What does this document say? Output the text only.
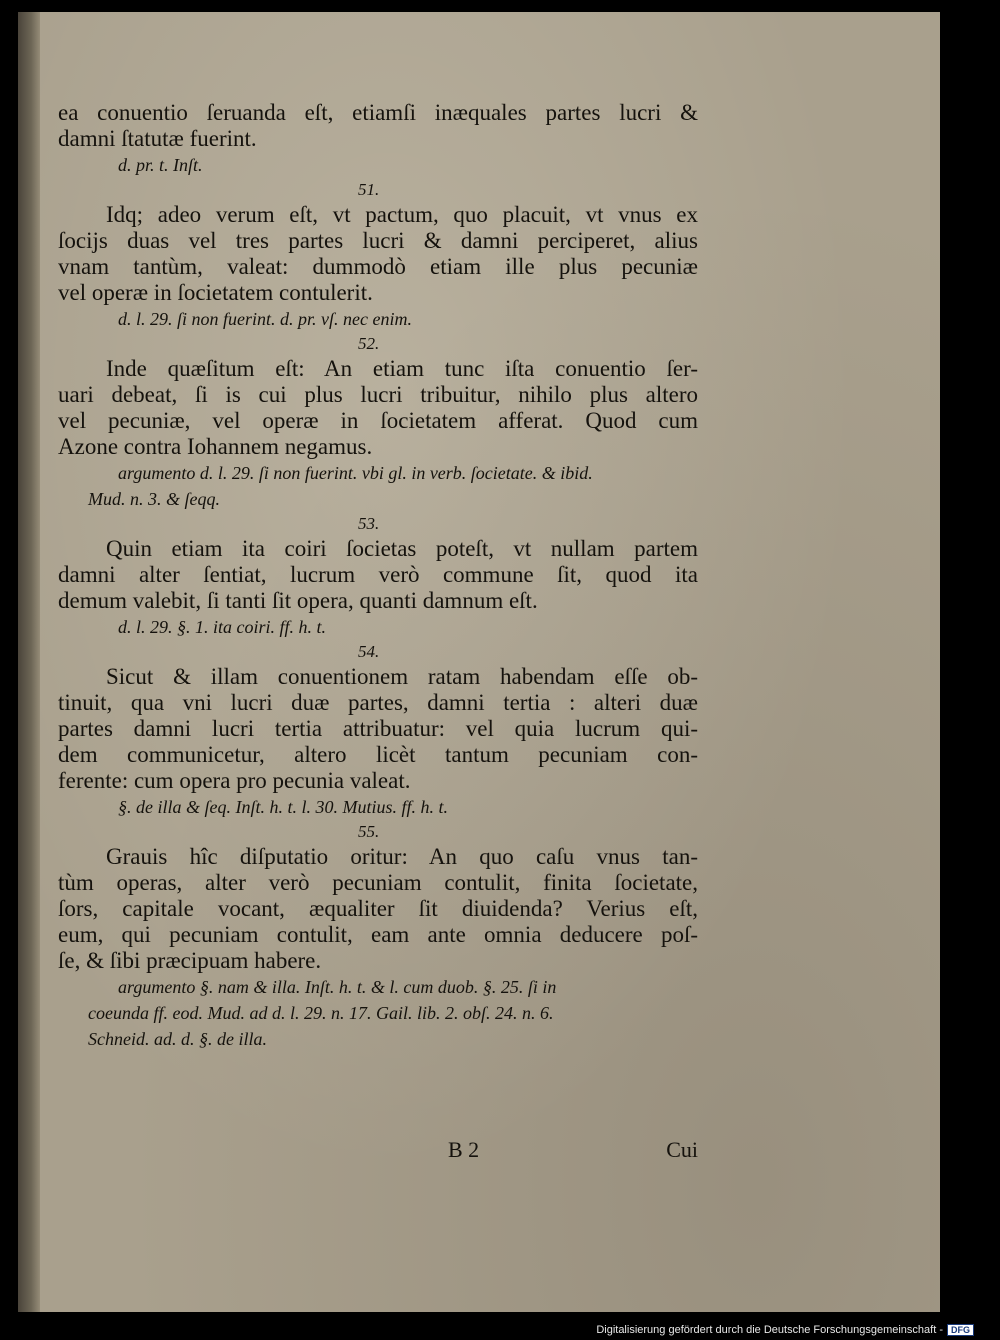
ea conuentio ſeruanda eſt, etiamſi inæquales partes lucri &

damni ſtatutæ fuerint.

d. pr. t. Inſt.

51.

Idq; adeo verum eſt, vt pactum, quo placuit, vt vnus ex

ſocijs duas vel tres partes lucri & damni perciperet, alius

vnam tantùm, valeat: dummodò etiam ille plus pecuniæ

vel operæ in ſocietatem contulerit.

d. l. 29. ſi non fuerint. d. pr. vſ. nec enim.

52.

Inde quæſitum eſt: An etiam tunc iſta conuentio ſer-

uari debeat, ſi is cui plus lucri tribuitur, nihilo plus altero

vel pecuniæ, vel operæ in ſocietatem afferat. Quod cum

Azone contra Iohannem negamus.

argumento d. l. 29. ſi non fuerint. vbi gl. in verb. ſocietate. & ibid.

Mud. n. 3. & ſeqq.

53.

Quin etiam ita coiri ſocietas poteſt, vt nullam partem

damni alter ſentiat, lucrum verò commune ſit, quod ita

demum valebit, ſi tanti ſit opera, quanti damnum eſt.

d. l. 29. §. 1. ita coiri. ff. h. t.

54.

Sicut & illam conuentionem ratam habendam eſſe ob-

tinuit, qua vni lucri duæ partes, damni tertia : alteri duæ

partes damni lucri tertia attribuatur: vel quia lucrum qui-

dem communicetur, altero licèt tantum pecuniam con-

ferente: cum opera pro pecunia valeat.

§. de illa & ſeq. Inſt. h. t. l. 30. Mutius. ff. h. t.

55.

Grauis hîc diſputatio oritur: An quo caſu vnus tan-

tùm operas, alter verò pecuniam contulit, finita ſocietate,

ſors, capitale vocant, æqualiter ſit diuidenda? Verius eſt,

eum, qui pecuniam contulit, eam ante omnia deducere poſ-

ſe, & ſibi præcipuam habere.

argumento §. nam & illa. Inſt. h. t. & l. cum duob. §. 25. ſi in

coeunda ff. eod. Mud. ad d. l. 29. n. 17. Gail. lib. 2. obſ. 24. n. 6.

Schneid. ad. d. §. de illa.

B 2	Cui
Digitalisierung gefördert durch die Deutsche Forschungsgemeinschaft - DFG
